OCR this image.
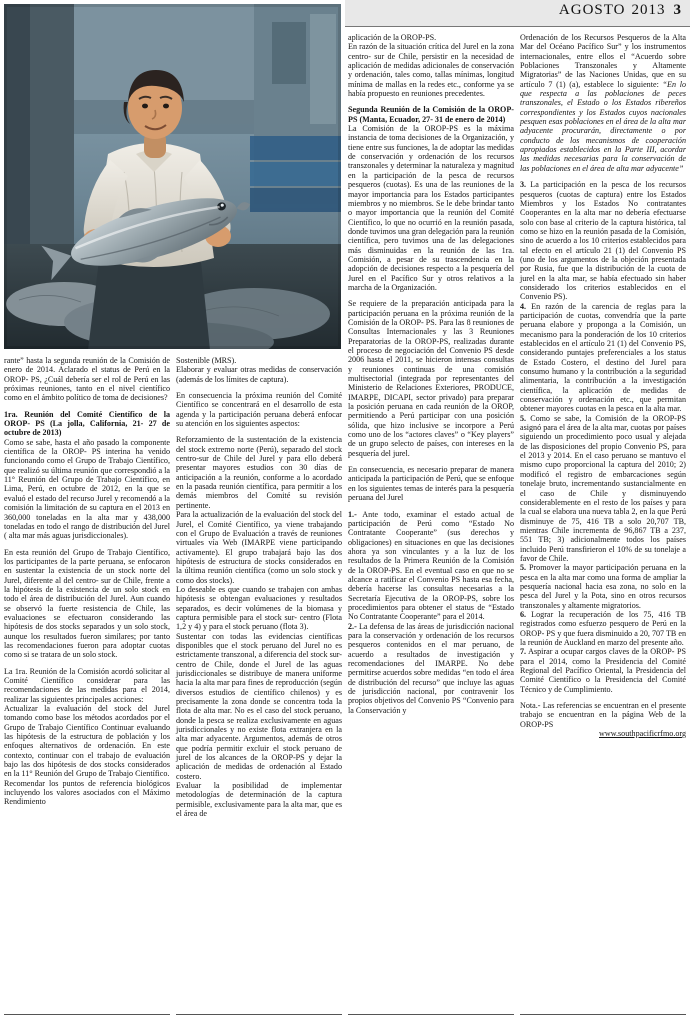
AGOSTO 2013 3

rante” hasta la segunda reunión de la Comisión de enero de 2014. Aclarado el status de Perú en la OROP- PS, ¿Cuál debería ser el rol de Perú en las próximas reuniones, tanto en el nivel científico como en el ámbito político de toma de decisiones?

1ra. Reunión del Comité Científico de la OROP- PS (La jolla, California, 21- 27 de octubre de 2013)

Como se sabe, hasta el año pasado la componente científica de la OROP- PS interina ha venido funcionando como el Grupo de Trabajo Científico, que realizó su última reunión que correspondió a la 11° Reunión del Grupo de Trabajo Científico, en Lima, Perú, en octubre de 2012, en la que se evaluó el estado del recurso Jurel y recomendó a la comisión la limitación de su captura en el 2013 en 360,000 toneladas en la alta mar y 438,000 toneladas en todo el rango de distribución del Jurel ( alta mar más aguas jurisdiccionales).

En esta reunión del Grupo de Trabajo Científico, los participantes de la parte peruana, se enfocaron en sustentar la existencia de un stock norte del Jurel, diferente al del centro- sur de Chile, frente a la hipótesis de la existencia de un solo stock en todo el área de distribución del Jurel. Aun cuando se observó la fuerte resistencia de Chile, las evaluaciones se efectuaron considerando las hipótesis de dos stocks separados y un solo stock, aunque los resultados fueron similares; por tanto las recomendaciones fueron para adoptar cuotas como si se tratara de un solo stock.

La 1ra. Reunión de la Comisión acordó solicitar al Comité Científico considerar para las recomendaciones de las medidas para el 2014, realizar las siguientes principales acciones:

Actualizar la evaluación del stock del Jurel tomando como base los métodos acordados por el Grupo de Trabajo Científico Continuar evaluando las hipótesis de la estructura de población y los enfoques alternativos de ordenación. En este contexto, continuar con el trabajo de evaluación bajo las dos hipótesis de dos stocks considerados en la 11° Reunión del Grupo de Trabajo Científico.

Recomendar los puntos de referencia biológicos incluyendo los valores asociados con el Máximo Rendimiento

Sostenible (MRS).

Elaborar y evaluar otras medidas de conservación (además de los límites de captura).

En consecuencia la próxima reunión del Comité Científico se concentrará en el desarrollo de esta agenda y la participación peruana deberá enfocar su atención en los siguientes aspectos:

Reforzamiento de la sustentación de la existencia del stock extremo norte (Perú), separado del stock centro-sur de Chile del Jurel y para ello deberá presentar mayores estudios con 30 días de anticipación a la reunión, conforme a lo acordado en la pasada reunión científica, para permitir a los demás miembros del Comité su revisión pertinente.

Para la actualización de la evaluación del stock del Jurel, el Comité Científico, ya viene trabajando con el Grupo de Evaluación a través de reuniones virtuales vía Web (IMARPE viene participando activamente). El grupo trabajará bajo las dos hipótesis de estructura de stocks considerados en la última reunión científica (como un solo stock y como dos stocks).

Lo deseable es que cuando se trabajen con ambas hipótesis se obtengan evaluaciones y resultados separados, es decir volúmenes de la biomasa y captura permisible para el stock sur- centro (Flota 1,2 y 4) y para el stock peruano (flota 3).

Sustentar con todas las evidencias científicas disponibles que el stock peruano del Jurel no es estrictamente transzonal, a diferencia del stock sur-centro de Chile, donde el Jurel de las aguas jurisdiccionales se distribuye de manera uniforme hacia la alta mar para fines de reproducción (según diversos estudios de científico chilenos) y es precisamente la zona donde se concentra toda la flota de alta mar. No es el caso del stock peruano, donde la pesca se realiza exclusivamente en aguas jurisdiccionales y no existe flota extranjera en la alta mar adyacente. Argumentos, además de otros que podría permitir excluir el stock peruano de jurel de los alcances de la OROP-PS y dejar la aplicación de medidas de ordenación al Estado costero.

Evaluar la posibilidad de implementar metodologías de determinación de la captura permisible, exclusivamente para la alta mar, que es el área de

aplicación de la OROP-PS.

En razón de la situación crítica del Jurel en la zona centro- sur de Chile, persistir en la necesidad de aplicación de medidas adicionales de conservación y ordenación, tales como, tallas mínimas, longitud mínima de mallas en la redes etc., conforme ya se había propuesto en reuniones precedentes.

Segunda Reunión de la Comisión de la OROP- PS (Manta, Ecuador, 27- 31 de enero de 2014)

La Comisión de la OROP-PS es la máxima instancia de toma decisiones de la Organización, y tiene entre sus funciones, la de adoptar las medidas de conservación y ordenación de los recursos transzonales y determinar la naturaleza y magnitud en la participación de la pesca de recursos pesqueros (cuotas). Es una de las reuniones de la mayor importancia para los Estados participantes miembros y no miembros. Se le debe brindar tanto o mayor importancia que la reunión del Comité Científico, lo que no ocurrió en la reunión pasada, donde tuvimos una gran delegación para la reunión científica, pero tuvimos una de las delegaciones más disminuidas en la reunión de las 1ra. Comisión, a pesar de su trascendencia en la adopción de decisiones respecto a la pesquería del Jurel en el Pacífico Sur y otros relativos a la marcha de la Organización.

Se requiere de la preparación anticipada para la participación peruana en la próxima reunión de la Comisión de la OROP- PS. Para las 8 reuniones de Consultas Internacionales y las 3 Reuniones Preparatorias de la OROP-PS, realizadas durante el proceso de negociación del Convenio PS desde 2006 hasta el 2011, se hicieron intensas consultas y reuniones continuas de una comisión multisectorial (integrada por representantes del Ministerio de Relaciones Exteriores, PRODUCE, IMARPE, DICAPI, sector privado) para preparar la posición peruana en cada reunión de la OROP, permitiendo a Perú participar con una posición sólida, que hizo inclusive se incorpore a Perú como uno de los “actores claves” o “Key players” de un grupo selecto de países, con intereses en la pesquería del jurel.

En consecuencia, es necesario preparar de manera anticipada la participación de Perú, que se enfoque en los siguientes temas de interés para la pesquería peruana del Jurel

1.- Ante todo, examinar el estado actual de participación de Perú como “Estado No Contratante Cooperante” (sus derechos y obligaciones) en situaciones en que las decisiones ahora ya son vinculantes y a la luz de los resultados de la Primera Reunión de la Comisión de la OROP-PS. En el eventual caso en que no se alcance a ratificar el Convenio PS hasta esa fecha, debería hacerse las consultas necesarias a la Secretaría Ejecutiva de la OROP-PS, sobre los procedimientos para obtener el status de “Estado No Contratante Cooperante” para el 2014.

2.- La defensa de las áreas de jurisdicción nacional para la conservación y ordenación de los recursos pesqueros contenidos en el mar peruano, de acuerdo a resultados de investigación y recomendaciones del IMARPE. No debe permitirse acuerdos sobre medidas “en todo el área de distribución del recurso” que incluye las aguas de jurisdicción nacional, por contravenir los propios objetivos del Convenio PS “Convenio para la Conservación y

Ordenación de los Recursos Pesqueros de la Alta Mar del Océano Pacífico Sur” y los instrumentos internacionales, entre ellos el “Acuerdo sobre Poblaciones Transzonales y Altamente Migratorias” de las Naciones Unidas, que en su artículo 7 (1) (a), establece lo siguiente: “En lo que respecta a las poblaciones de peces transzonales, el Estado o los Estados ribereños correspondientes y los Estados cuyos nacionales pesquen esas poblaciones en el área de la alta mar adyacente procurarán, directamente o por conducto de los mecanismos de cooperación apropiados establecidos en la Parte III, acordar las medidas necesarias para la conservación de las poblaciones en el área de alta mar adyacente”

3. La participación en la pesca de los recursos pesqueros (cuotas de captura) entre los Estados Miembros y los Estados No contratantes Cooperantes en la alta mar no debería efectuarse solo con base al criterio de la captura histórica, tal como se hizo en la reunión pasada de la Comisión, sino de acuerdo a los 10 criterios establecidos para tal efecto en el artículo 21 (1) del Convenio PS (uno de los argumentos de la objeción presentada por Rusia, fue que la distribución de la cuota de jurel en la alta mar, se había efectuado sin haber considerado los criterios establecidos en el Convenio PS).

4. En razón de la carencia de reglas para la participación de cuotas, convendría que la parte peruana elabore y proponga a la Comisión, un mecanismo para la ponderación de los 10 criterios establecidos en el artículo 21 (1) del Convenio PS, considerando puntajes preferenciales a los status de Estado Costero, el destino del Jurel para consumo humano y la contribución a la seguridad alimentaria, la contribución a la investigación científica, la aplicación de medidas de conservación y ordenación etc., que permitan obtener mayores cuotas en la pesca en la alta mar.

5. Como se sabe, la Comisión de la OROP-PS asignó para el área de la alta mar, cuotas por países siguiendo un procedimiento poco usual y alejada de las disposiciones del propio Convenio PS, para el 2013 y 2014. En el caso peruano se mantuvo el mismo cupo proporcional la captura del 2010; 2) modificó el registro de embarcaciones según tonelaje bruto, incrementando sustancialmente en el caso de Chile y disminuyendo considerablemente en el resto de los países y para la cual se elabora una nueva tabla 2, en la que Perú disminuye de 75, 416 TB a solo 20,707 TB, mientras Chile incrementa de 96,867 TB a 237, 551 TB; 3) adicionalmente todos los países incluido Perú transfirieron el 10% de su tonelaje a favor de Chile.

5. Promover la mayor participación peruana en la pesca en la alta mar como una forma de ampliar la pesquería nacional hacia esa zona, no solo en la pesca del Jurel y la Pota, sino en otros recursos transzonales y altamente migratorios.

6. Lograr la recuperación de los 75, 416 TB registrados como esfuerzo pesquero de Perú en la OROP- PS y que fuera disminuido a 20, 707 TB en la reunión de Auckland en marzo del presente año.

7. Aspirar a ocupar cargos claves de la OROP- PS para el 2014, como la Presidencia del Comité Regional del Pacífico Oriental, la Presidencia del Comité Científico o la Presidencia del Comité Técnico y de Cumplimiento.

Nota.- Las referencias se encuentran en el presente trabajo se encuentran en la página Web de la OROP-PS

www.southpacificrfmo.org
